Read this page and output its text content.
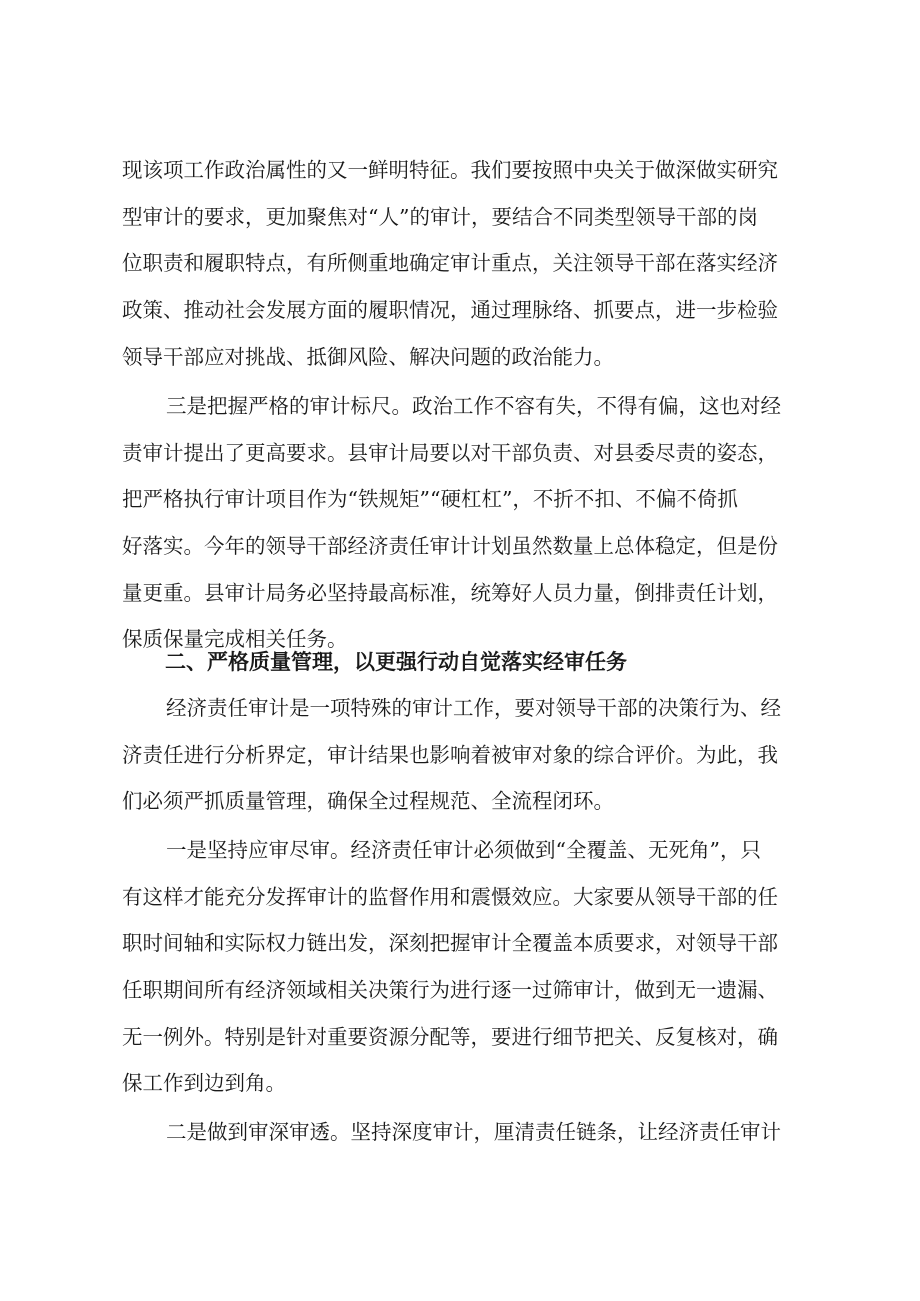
现该项工作政治属性的又一鲜明特征。我们要按照中央关于做深做实研究
型审计的要求，更加聚焦对“人”的审计，要结合不同类型领导干部的岗
位职责和履职特点，有所侧重地确定审计重点，关注领导干部在落实经济
政策、推动社会发展方面的履职情况，通过理脉络、抓要点，进一步检验
领导干部应对挑战、抵御风险、解决问题的政治能力。
三是把握严格的审计标尺。政治工作不容有失，不得有偏，这也对经
责审计提出了更高要求。县审计局要以对干部负责、对县委尽责的姿态，
把严格执行审计项目作为“铁规矩”“硬杠杠”，不折不扣、不偏不倚抓
好落实。今年的领导干部经济责任审计计划虽然数量上总体稳定，但是份
量更重。县审计局务必坚持最高标准，统筹好人员力量，倒排责任计划，
保质保量完成相关任务。
二、严格质量管理，以更强行动自觉落实经审任务
经济责任审计是一项特殊的审计工作，要对领导干部的决策行为、经
济责任进行分析界定，审计结果也影响着被审对象的综合评价。为此，我
们必须严抓质量管理，确保全过程规范、全流程闭环。
一是坚持应审尽审。经济责任审计必须做到“全覆盖、无死角”，只
有这样才能充分发挥审计的监督作用和震慑效应。大家要从领导干部的任
职时间轴和实际权力链出发，深刻把握审计全覆盖本质要求，对领导干部
任职期间所有经济领域相关决策行为进行逐一过筛审计，做到无一遗漏、
无一例外。特别是针对重要资源分配等，要进行细节把关、反复核对，确
保工作到边到角。
二是做到审深审透。坚持深度审计，厘清责任链条，让经济责任审计
